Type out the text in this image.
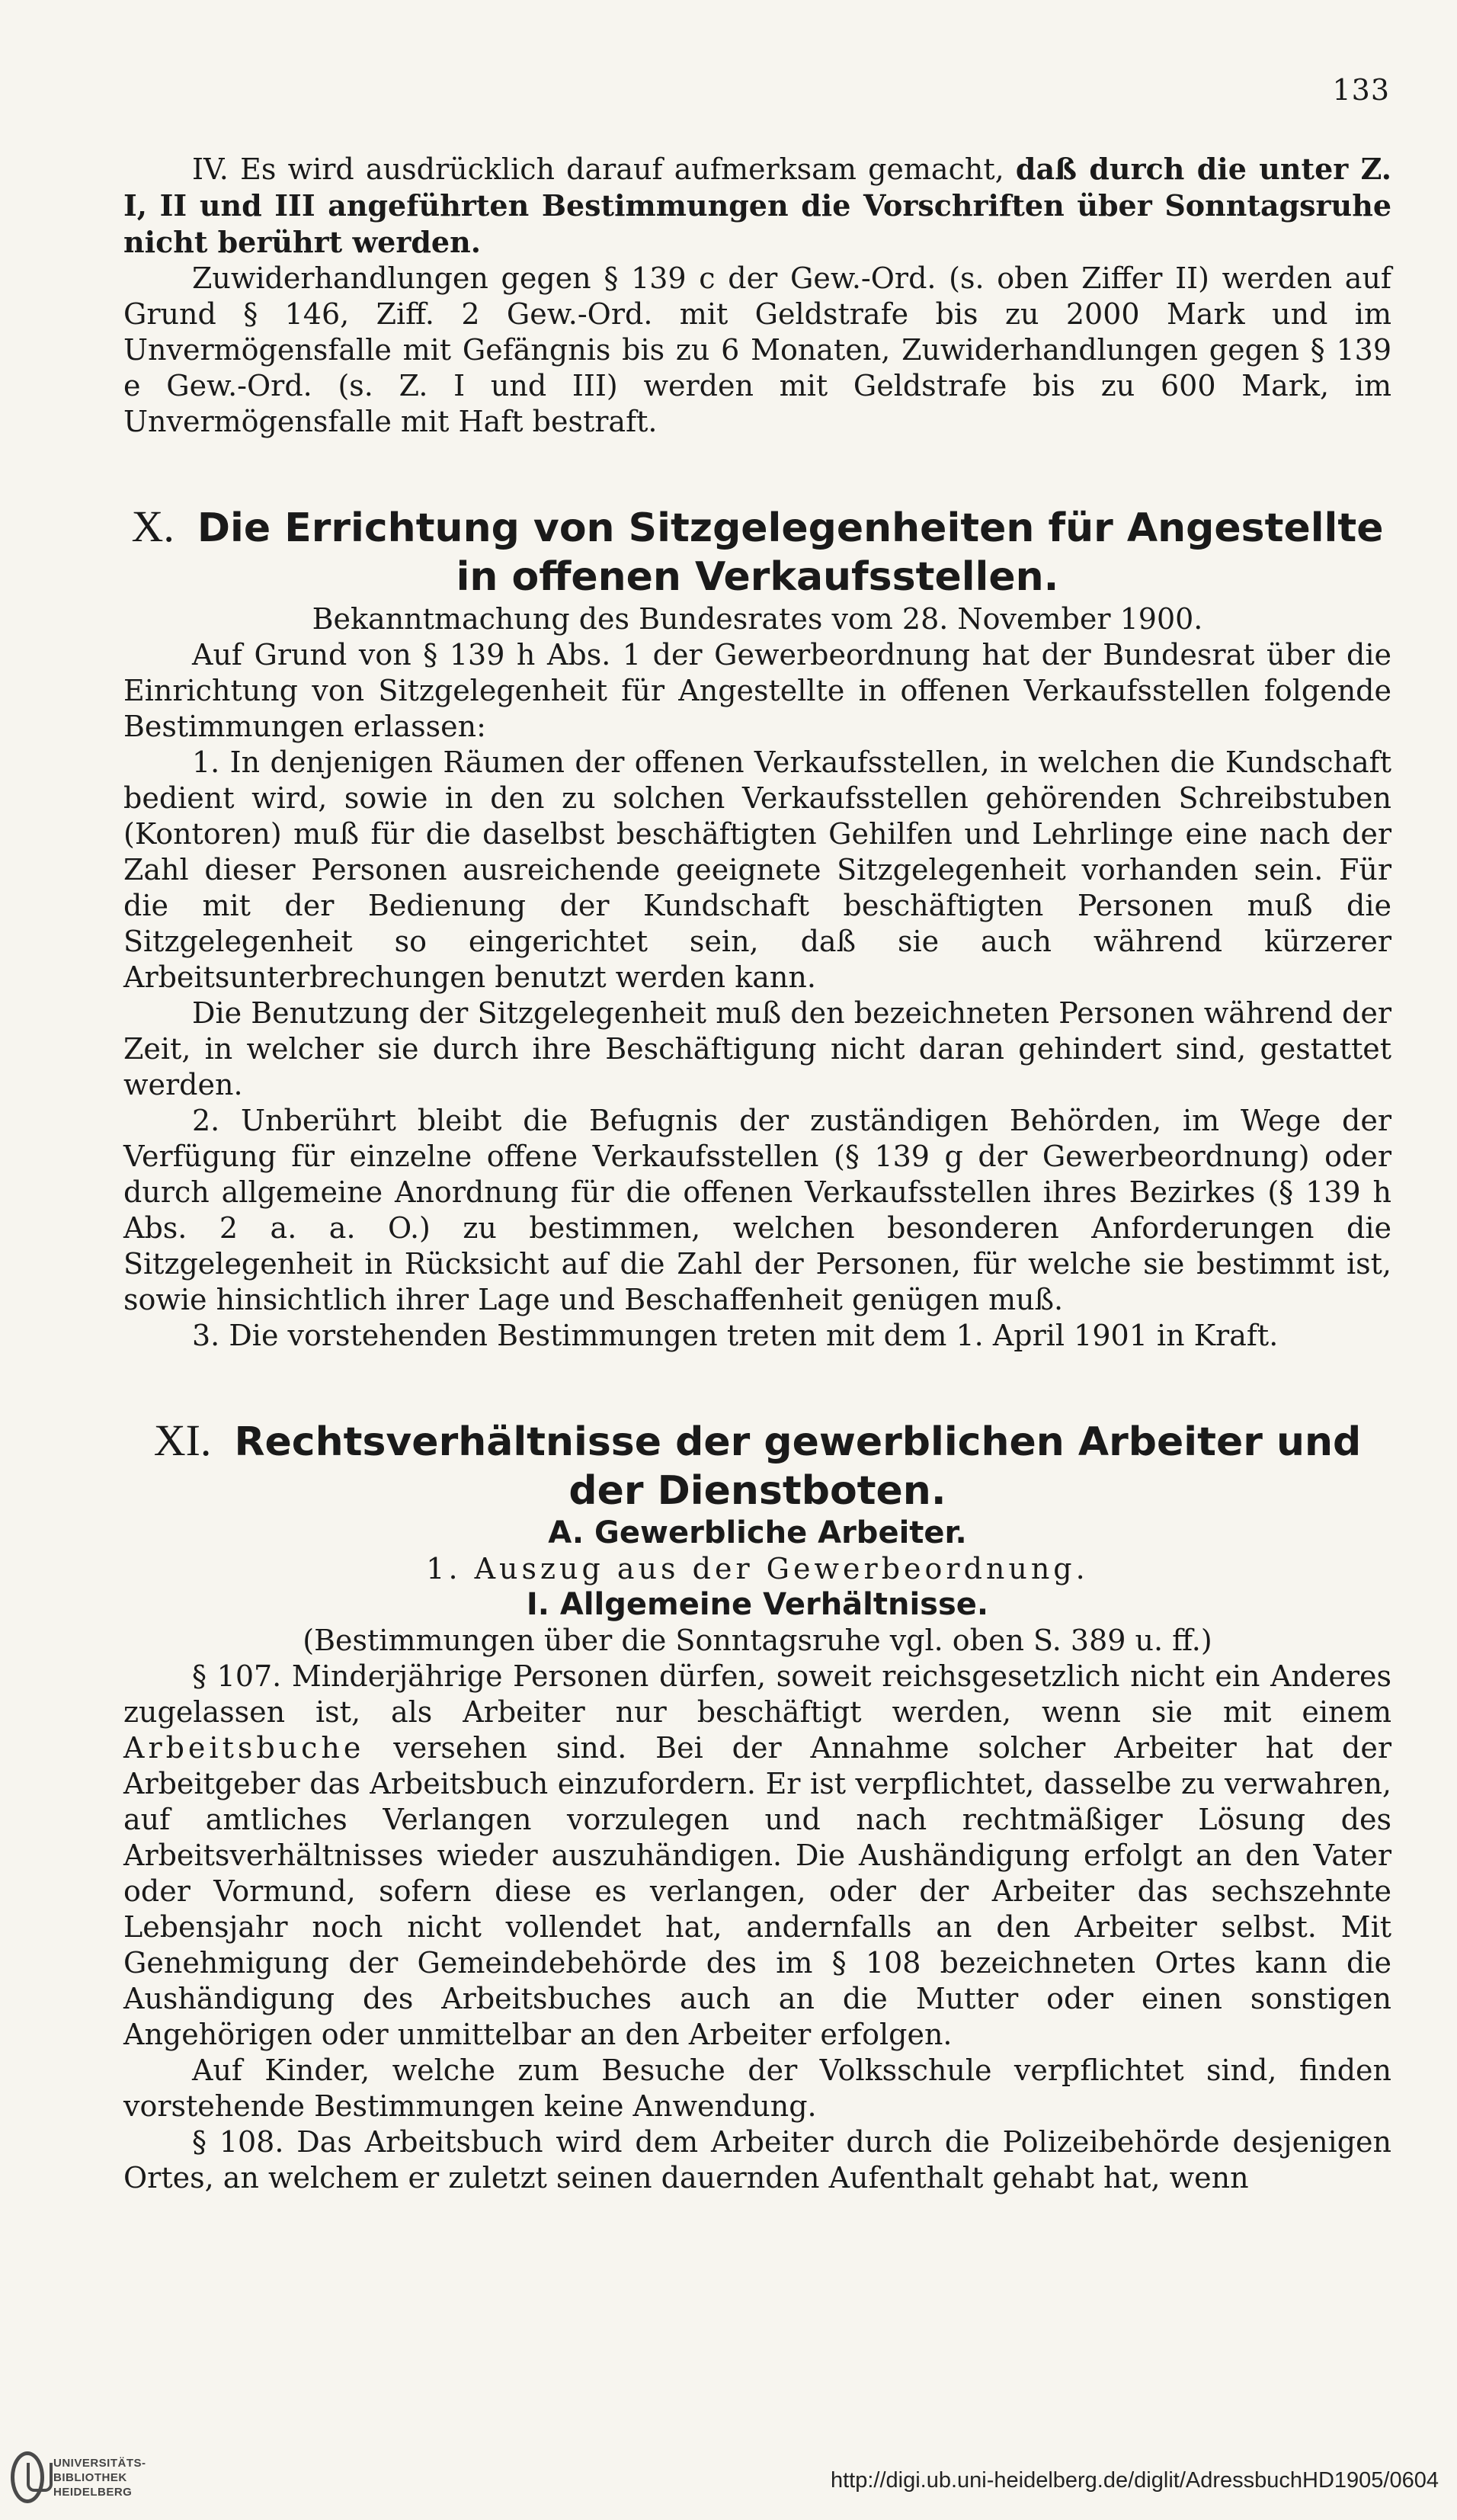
133

IV. Es wird ausdrücklich darauf aufmerksam gemacht, daß durch die unter Z. I, II und III angeführten Bestimmungen die Vorschriften über Sonntagsruhe nicht berührt werden.

Zuwiderhandlungen gegen § 139 c der Gew.-Ord. (s. oben Ziffer II) werden auf Grund § 146, Ziff. 2 Gew.-Ord. mit Geldstrafe bis zu 2000 Mark und im Unvermögensfalle mit Gefängnis bis zu 6 Monaten, Zuwiderhandlungen gegen § 139 e Gew.-Ord. (s. Z. I und III) werden mit Geldstrafe bis zu 600 Mark, im Unvermögensfalle mit Haft bestraft.

X. Die Errichtung von Sitzgelegenheiten für Angestellte in offenen Verkaufsstellen.

Bekanntmachung des Bundesrates vom 28. November 1900.

Auf Grund von § 139 h Abs. 1 der Gewerbeordnung hat der Bundesrat über die Einrichtung von Sitzgelegenheit für Angestellte in offenen Verkaufsstellen folgende Bestimmungen erlassen:

1. In denjenigen Räumen der offenen Verkaufsstellen, in welchen die Kundschaft bedient wird, sowie in den zu solchen Verkaufsstellen gehörenden Schreibstuben (Kontoren) muß für die daselbst beschäftigten Gehilfen und Lehrlinge eine nach der Zahl dieser Personen ausreichende geeignete Sitzgelegenheit vorhanden sein. Für die mit der Bedienung der Kundschaft beschäftigten Personen muß die Sitzgelegenheit so eingerichtet sein, daß sie auch während kürzerer Arbeitsunterbrechungen benutzt werden kann.

Die Benutzung der Sitzgelegenheit muß den bezeichneten Personen während der Zeit, in welcher sie durch ihre Beschäftigung nicht daran gehindert sind, gestattet werden.

2. Unberührt bleibt die Befugnis der zuständigen Behörden, im Wege der Verfügung für einzelne offene Verkaufsstellen (§ 139 g der Gewerbeordnung) oder durch allgemeine Anordnung für die offenen Verkaufsstellen ihres Bezirkes (§ 139 h Abs. 2 a. a. O.) zu bestimmen, welchen besonderen Anforderungen die Sitzgelegenheit in Rücksicht auf die Zahl der Personen, für welche sie bestimmt ist, sowie hinsichtlich ihrer Lage und Beschaffenheit genügen muß.

3. Die vorstehenden Bestimmungen treten mit dem 1. April 1901 in Kraft.

XI. Rechtsverhältnisse der gewerblichen Arbeiter und der Dienstboten.

A. Gewerbliche Arbeiter.

1. Auszug aus der Gewerbeordnung.

I. Allgemeine Verhältnisse.

(Bestimmungen über die Sonntagsruhe vgl. oben S. 389 u. ff.)

§ 107. Minderjährige Personen dürfen, soweit reichsgesetzlich nicht ein Anderes zugelassen ist, als Arbeiter nur beschäftigt werden, wenn sie mit einem Arbeitsbuche versehen sind. Bei der Annahme solcher Arbeiter hat der Arbeitgeber das Arbeitsbuch einzufordern. Er ist verpflichtet, dasselbe zu verwahren, auf amtliches Verlangen vorzulegen und nach rechtmäßiger Lösung des Arbeitsverhältnisses wieder auszuhändigen. Die Aushändigung erfolgt an den Vater oder Vormund, sofern diese es verlangen, oder der Arbeiter das sechszehnte Lebensjahr noch nicht vollendet hat, andernfalls an den Arbeiter selbst. Mit Genehmigung der Gemeindebehörde des im § 108 bezeichneten Ortes kann die Aushändigung des Arbeitsbuches auch an die Mutter oder einen sonstigen Angehörigen oder unmittelbar an den Arbeiter erfolgen.

Auf Kinder, welche zum Besuche der Volksschule verpflichtet sind, finden vorstehende Bestimmungen keine Anwendung.

§ 108. Das Arbeitsbuch wird dem Arbeiter durch die Polizeibehörde desjenigen Ortes, an welchem er zuletzt seinen dauernden Aufenthalt gehabt hat, wenn

UNIVERSITÄTS- BIBLIOTHEK HEIDELBERG	http://digi.ub.uni-heidelberg.de/diglit/AdressbuchHD1905/0604
